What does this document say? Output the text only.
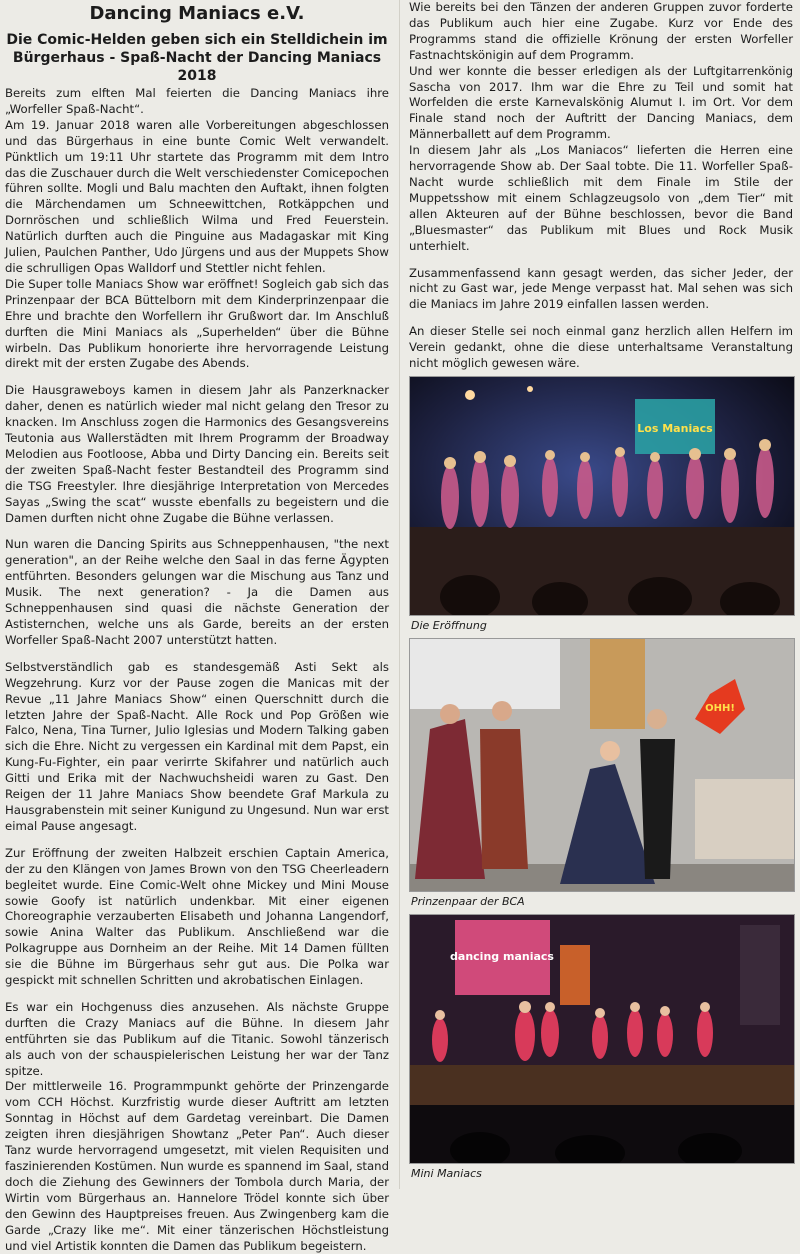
Dancing Maniacs e.V.
Die Comic-Helden geben sich ein Stelldichein im Bürgerhaus - Spaß-Nacht der Dancing Maniacs 2018

Bereits zum elften Mal feierten die Dancing Maniacs ihre „Worfeller Spaß-Nacht“.

Am 19. Januar 2018 waren alle Vorbereitungen abgeschlossen und das Bürgerhaus in eine bunte Comic Welt verwandelt. Pünktlich um 19:11 Uhr startete das Programm mit dem Intro das die Zuschauer durch die Welt verschiedenster Comicepochen führen sollte. Mogli und Balu machten den Auftakt, ihnen folgten die Märchendamen um Schneewittchen, Rotkäppchen und Dornröschen und schließlich Wilma und Fred Feuerstein. Natürlich durften auch die Pinguine aus Madagaskar mit King Julien, Paulchen Panther, Udo Jürgens und aus der Muppets Show die schrulligen Opas Walldorf und Stettler nicht fehlen.

Die Super tolle Maniacs Show war eröffnet! Sogleich gab sich das Prinzenpaar der BCA Büttelborn mit dem Kinderprinzenpaar die Ehre und brachte den Worfellern ihr Grußwort dar. Im Anschluß durften die Mini Maniacs als „Superhelden“ über die Bühne wirbeln. Das Publikum honorierte ihre hervorragende Leistung direkt mit der ersten Zugabe des Abends.

Die Hausgraweboys kamen in diesem Jahr als Panzerknacker daher, denen es natürlich wieder mal nicht gelang den Tresor zu knacken. Im Anschluss zogen die Harmonics des Gesangsvereins Teutonia aus Wallerstädten mit Ihrem Programm der Broadway Melodien aus Footloose, Abba und Dirty Dancing ein. Bereits seit der zweiten Spaß-Nacht fester Bestandteil des Programm sind die TSG Freestyler. Ihre diesjährige Interpretation von Mercedes Sayas „Swing the scat“ wusste ebenfalls zu begeistern und die Damen durften nicht ohne Zugabe die Bühne verlassen.

Nun waren die Dancing Spirits aus Schneppenhausen, "the next generation", an der Reihe welche den Saal in das ferne Ägypten entführten. Besonders gelungen war die Mischung aus Tanz und Musik. The next generation? - Ja die Damen aus Schneppenhausen sind quasi die nächste Generation der Astisternchen, welche uns als Garde, bereits an der ersten Worfeller Spaß-Nacht 2007 unterstützt hatten.

Selbstverständlich gab es standesgemäß Asti Sekt als Wegzehrung. Kurz vor der Pause zogen die Manicas mit der Revue „11 Jahre Maniacs Show“ einen Querschnitt durch die letzten Jahre der Spaß-Nacht. Alle Rock und Pop Größen wie Falco, Nena, Tina Turner, Julio Iglesias und Modern Talking gaben sich die Ehre. Nicht zu vergessen ein Kardinal mit dem Papst, ein Kung-Fu-Fighter, ein paar verirrte Skifahrer und natürlich auch Gitti und Erika mit der Nachwuchsheidi waren zu Gast. Den Reigen der 11 Jahre Maniacs Show beendete Graf Markula zu Hausgrabenstein mit seiner Kunigund zu Ungesund. Nun war erst eimal Pause angesagt.

Zur Eröffnung der zweiten Halbzeit erschien Captain America, der zu den Klängen von James Brown von den TSG Cheerleadern begleitet wurde. Eine Comic-Welt ohne Mickey und Mini Mouse sowie Goofy ist natürlich undenkbar. Mit einer eigenen Choreographie verzauberten Elisabeth und Johanna Langendorf, sowie Anina Walter das Publikum. Anschließend war die Polkagruppe aus Dornheim an der Reihe. Mit 14 Damen füllten sie die Bühne im Bürgerhaus sehr gut aus. Die Polka war gespickt mit schnellen Schritten und akrobatischen Einlagen.

Es war ein Hochgenuss dies anzusehen. Als nächste Gruppe durften die Crazy Maniacs auf die Bühne. In diesem Jahr entführten sie das Publikum auf die Titanic. Sowohl tänzerisch als auch von der schauspielerischen Leistung her war der Tanz spitze.

Der mittlerweile 16. Programmpunkt gehörte der Prinzengarde vom CCH Höchst. Kurzfristig wurde dieser Auftritt am letzten Sonntag in Höchst auf dem Gardetag vereinbart. Die Damen zeigten ihren diesjährigen Showtanz „Peter Pan“. Auch dieser Tanz wurde hervorragend umgesetzt, mit vielen Requisiten und faszinierenden Kostümen. Nun wurde es spannend im Saal, stand doch die Ziehung des Gewinners der Tombola durch Maria, der Wirtin vom Bürgerhaus an. Hannelore Trödel konnte sich über den Gewinn des Hauptpreises freuen. Aus Zwingenberg kam die Garde „Crazy like me“. Mit einer tänzerischen Höchstleistung und viel Artistik konnten die Damen das Publikum begeistern.

Wie bereits bei den Tänzen der anderen Gruppen zuvor forderte das Publikum auch hier eine Zugabe. Kurz vor Ende des Programms stand die offizielle Krönung der ersten Worfeller Fastnachtskönigin auf dem Programm.

Und wer konnte die besser erledigen als der Luftgitarrenkönig Sascha von 2017. Ihm war die Ehre zu Teil und somit hat Worfelden die erste Karnevalskönig Alumut I. im Ort. Vor dem Finale stand noch der Auftritt der Dancing Maniacs, dem Männerballett auf dem Programm.

In diesem Jahr als „Los Maniacos“ lieferten die Herren eine hervorragende Show ab. Der Saal tobte. Die 11. Worfeller Spaß-Nacht wurde schließlich mit dem Finale im Stile der Muppetsshow mit einem Schlagzeugsolo von „dem Tier“ mit allen Akteuren auf der Bühne beschlossen, bevor die Band „Bluesmaster“ das Publikum mit Blues und Rock Musik unterhielt.

Zusammenfassend kann gesagt werden, das sicher Jeder, der nicht zu Gast war, jede Menge verpasst hat. Mal sehen was sich die Maniacs im Jahre 2019 einfallen lassen werden.

An dieser Stelle sei noch einmal ganz herzlich allen Helfern im Verein gedankt, ohne die diese unterhaltsame Veranstaltung nicht möglich gewesen wäre.

Los Maniacs
Die Eröffnung
OHH!
Prinzenpaar der BCA
dancing maniacs
Mini Maniacs
